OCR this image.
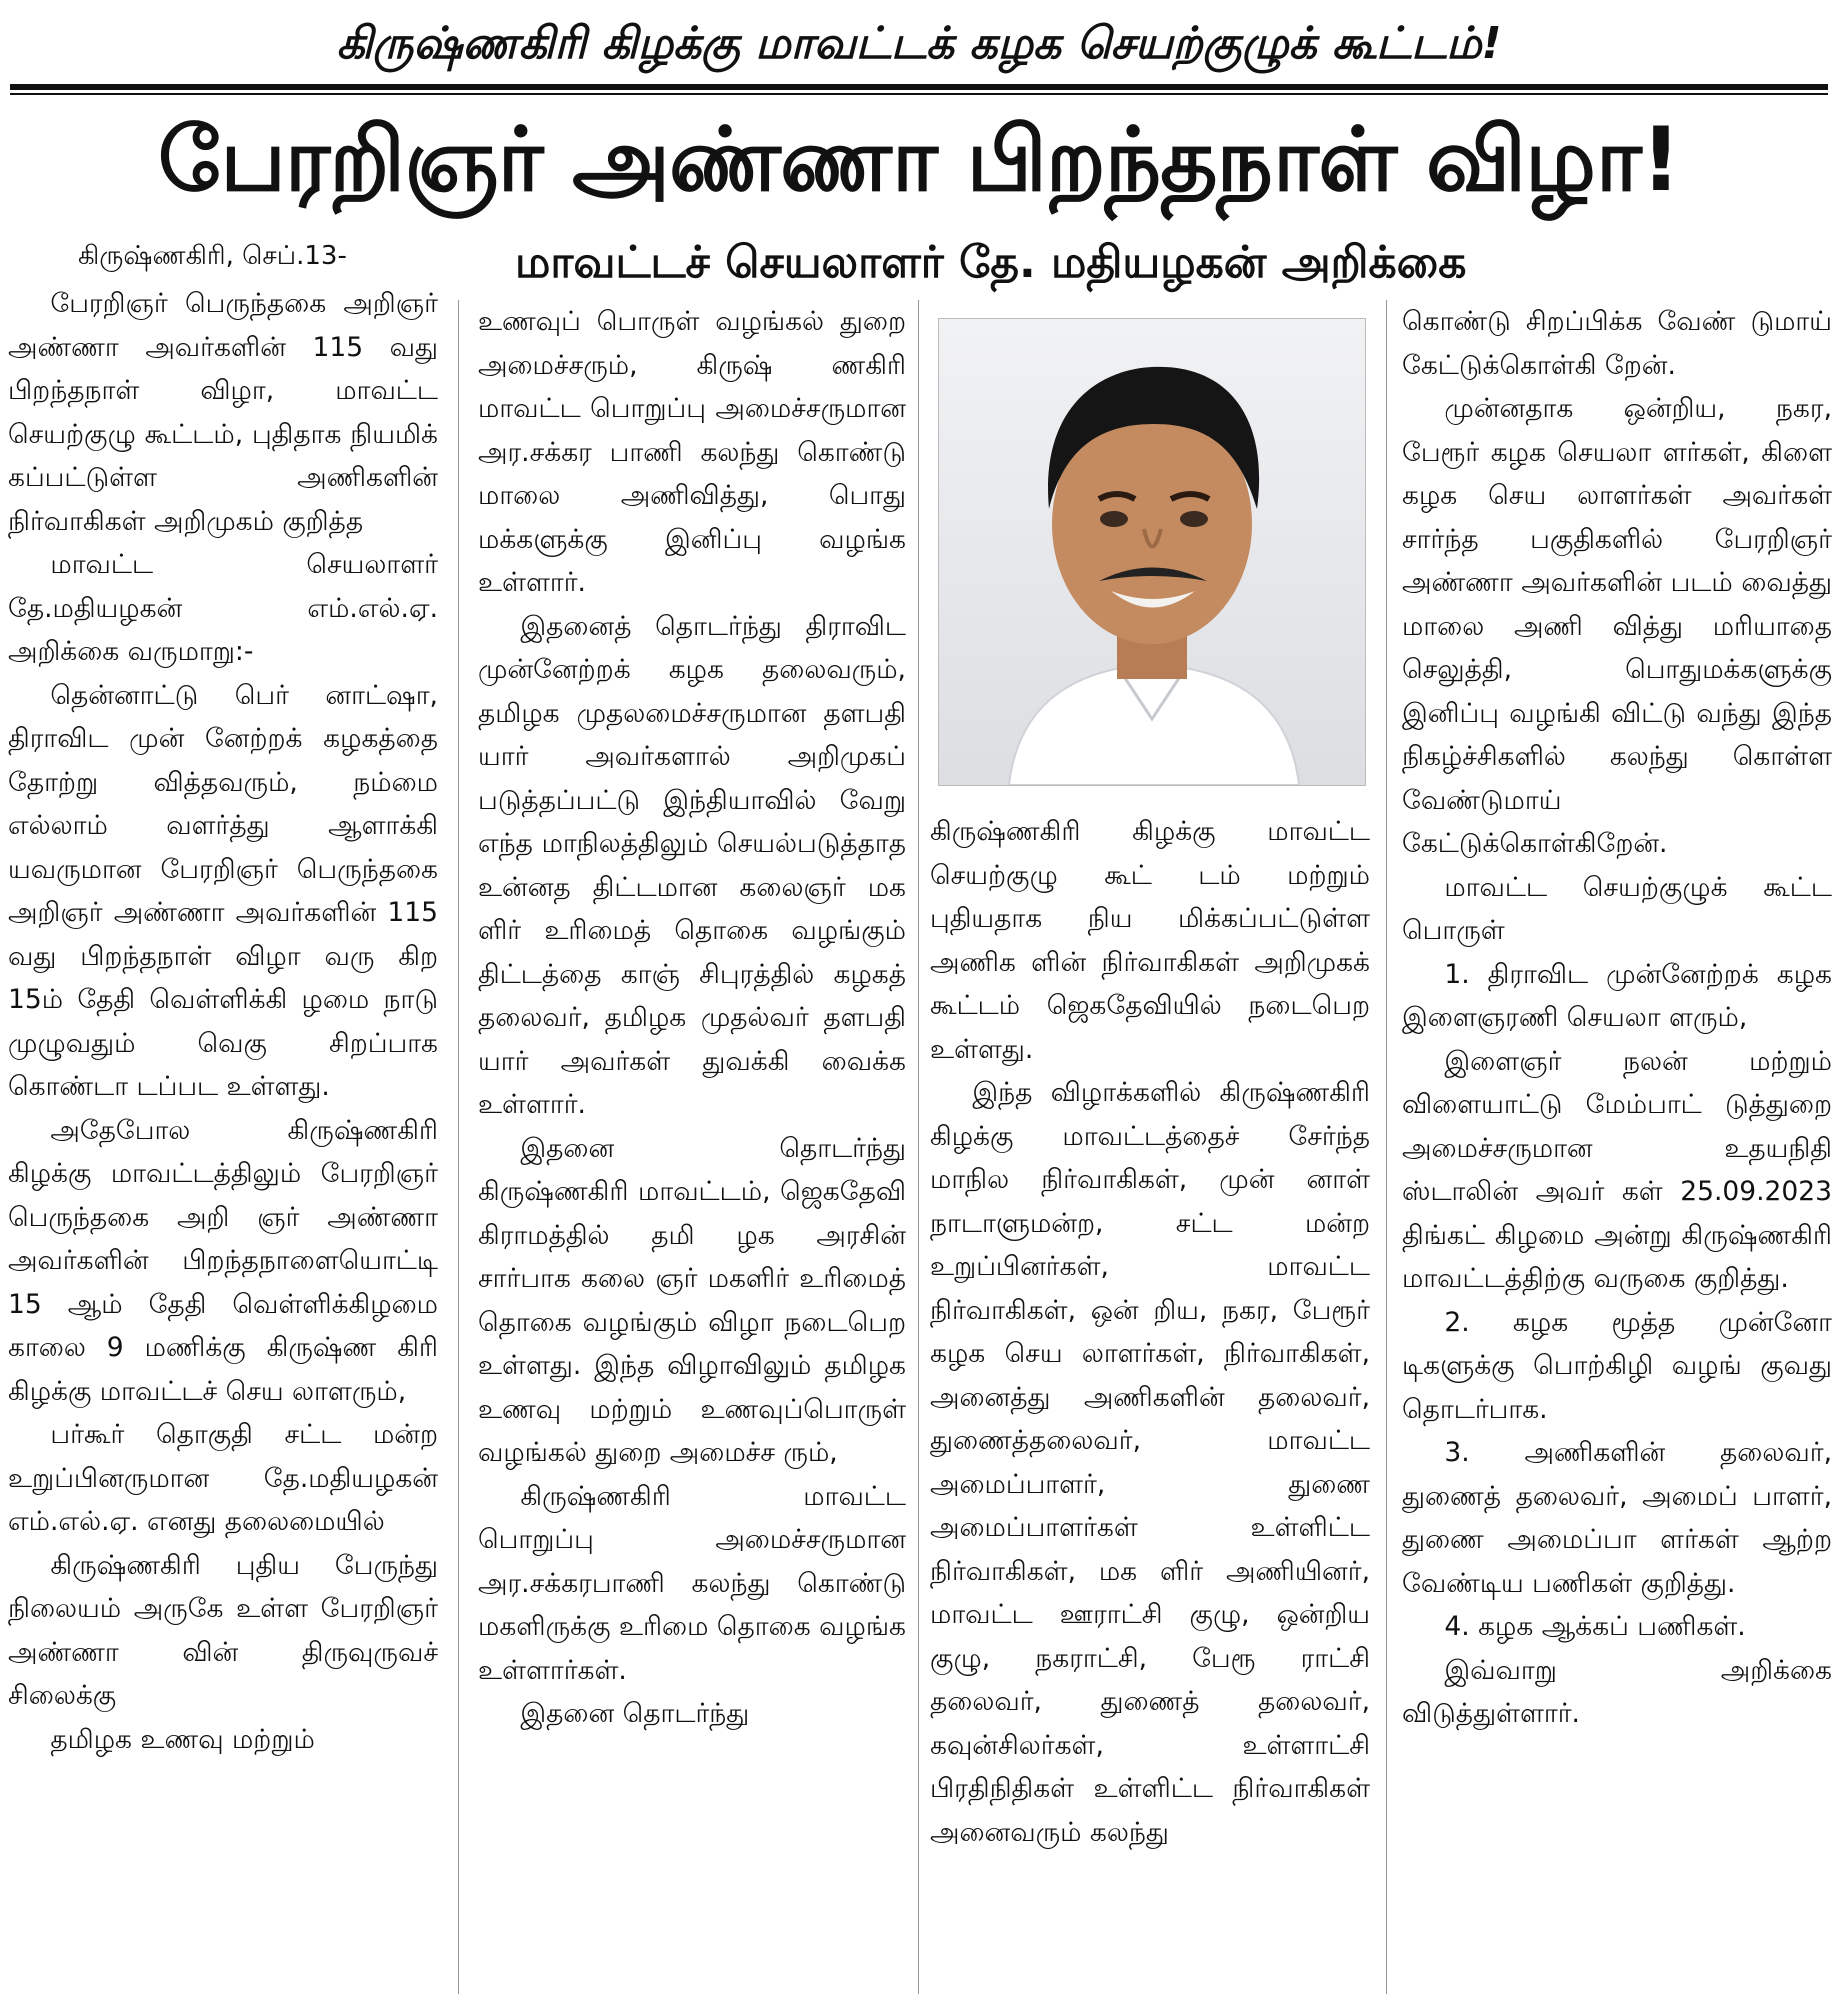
கிருஷ்ணகிரி கிழக்கு மாவட்டக் கழக செயற்குழுக் கூட்டம்!
பேரறிஞர் அண்ணா பிறந்தநாள் விழா!
கிருஷ்ணகிரி, செப்.13-	மாவட்டச் செயலாளர் தே. மதியழகன் அறிக்கை

பேரறிஞர் பெருந்தகை அறிஞர் அண்ணா அவர்களின் 115 வது பிறந்தநாள் விழா, மாவட்ட செயற்குழு கூட்டம், புதிதாக நியமிக் கப்பட்டுள்ள அணிகளின் நிர்வாகிகள் அறிமுகம் குறித்த

மாவட்ட செயலாளர் தே.மதியழகன் எம்.எல்.ஏ. அறிக்கை வருமாறு:-

தென்னாட்டு பெர் னாட்ஷா, திராவிட முன் னேற்றக் கழகத்தை தோற்று வித்தவரும், நம்மை எல்லாம் வளர்த்து ஆளாக்கி யவருமான பேரறிஞர் பெருந்தகை அறிஞர் அண்ணா அவர்களின் 115 வது பிறந்தநாள் விழா வரு கிற 15ம் தேதி வெள்ளிக்கி ழமை நாடு முழுவதும் வெகு சிறப்பாக கொண்டா டப்பட உள்ளது.

அதேபோல கிருஷ்ணகிரி கிழக்கு மாவட்டத்திலும் பேரறிஞர் பெருந்தகை அறி ஞர் அண்ணா அவர்களின் பிறந்தநாளையொட்டி 15 ஆம் தேதி வெள்ளிக்கிழமை காலை 9 மணிக்கு கிருஷ்ண கிரி கிழக்கு மாவட்டச் செய லாளரும்,

பர்கூர் தொகுதி சட்ட மன்ற உறுப்பினருமான தே.மதியழகன் எம்.எல்.ஏ. எனது தலைமையில்

கிருஷ்ணகிரி புதிய பேருந்து நிலையம் அருகே உள்ள பேரறிஞர் அண்ணா வின் திருவுருவச் சிலைக்கு

தமிழக உணவு மற்றும்

உணவுப் பொருள் வழங்கல் துறை அமைச்சரும், கிருஷ் ணகிரி மாவட்ட பொறுப்பு அமைச்சருமான அர.சக்கர பாணி கலந்து கொண்டு மாலை அணிவித்து, பொது மக்களுக்கு இனிப்பு வழங்க உள்ளார்.

இதனைத் தொடர்ந்து திராவிட முன்னேற்றக் கழக தலைவரும், தமிழக முதலமைச்சருமான தளபதி யார் அவர்களால் அறிமுகப் படுத்தப்பட்டு இந்தியாவில் வேறு எந்த மாநிலத்திலும் செயல்படுத்தாத உன்னத திட்டமான கலைஞர் மக ளிர் உரிமைத் தொகை வழங்கும் திட்டத்தை காஞ் சிபுரத்தில் கழகத் தலைவர், தமிழக முதல்வர் தளபதி யார் அவர்கள் துவக்கி வைக்க உள்ளார்.

இதனை தொடர்ந்து கிருஷ்ணகிரி மாவட்டம், ஜெகதேவி கிராமத்தில் தமி ழக அரசின் சார்பாக கலை ஞர் மகளிர் உரிமைத் தொகை வழங்கும் விழா நடைபெற உள்ளது. இந்த விழாவிலும் தமிழக உணவு மற்றும் உணவுப்பொருள் வழங்கல் துறை அமைச்ச ரும்,

கிருஷ்ணகிரி மாவட்ட பொறுப்பு அமைச்சருமான அர.சக்கரபாணி கலந்து கொண்டு மகளிருக்கு உரிமை தொகை வழங்க உள்ளார்கள்.

இதனை தொடர்ந்து

கிருஷ்ணகிரி கிழக்கு மாவட்ட செயற்குழு கூட் டம் மற்றும் புதியதாக நிய மிக்கப்பட்டுள்ள அணிக ளின் நிர்வாகிகள் அறிமுகக் கூட்டம் ஜெகதேவியில் நடைபெற உள்ளது.

இந்த விழாக்களில் கிருஷ்ணகிரி கிழக்கு மாவட்டத்தைச் சேர்ந்த மாநில நிர்வாகிகள், முன் னாள் நாடாளுமன்ற, சட்ட மன்ற உறுப்பினர்கள், மாவட்ட நிர்வாகிகள், ஒன் றிய, நகர, பேரூர் கழக செய லாளர்கள், நிர்வாகிகள், அனைத்து அணிகளின் தலைவர், துணைத்தலைவர், மாவட்ட அமைப்பாளர், துணை அமைப்பாளர்கள் உள்ளிட்ட நிர்வாகிகள், மக ளிர் அணியினர், மாவட்ட ஊராட்சி குழு, ஒன்றிய குழு, நகராட்சி, பேரூ ராட்சி தலைவர், துணைத் தலைவர், கவுன்சிலர்கள், உள்ளாட்சி பிரதிநிதிகள் உள்ளிட்ட நிர்வாகிகள் அனைவரும் கலந்து

கொண்டு சிறப்பிக்க வேண் டுமாய் கேட்டுக்கொள்கி றேன்.

முன்னதாக ஒன்றிய, நகர, பேரூர் கழக செயலா ளர்கள், கிளை கழக செய லாளர்கள் அவர்கள் சார்ந்த பகுதிகளில் பேரறிஞர் அண்ணா அவர்களின் படம் வைத்து மாலை அணி வித்து மரியாதை செலுத்தி, பொதுமக்களுக்கு இனிப்பு வழங்கி விட்டு வந்து இந்த நிகழ்ச்சிகளில் கலந்து கொள்ள வேண்டுமாய் கேட்டுக்கொள்கிறேன்.

மாவட்ட செயற்குழுக் கூட்ட பொருள்

1. திராவிட முன்னேற்றக் கழக இளைஞரணி செயலா ளரும்,

இளைஞர் நலன் மற்றும் விளையாட்டு மேம்பாட் டுத்துறை அமைச்சருமான உதயநிதி ஸ்டாலின் அவர் கள் 25.09.2023 திங்கட் கிழமை அன்று கிருஷ்ணகிரி மாவட்டத்திற்கு வருகை குறித்து.

2. கழக மூத்த முன்னோ டிகளுக்கு பொற்கிழி வழங் குவது தொடர்பாக.

3. அணிகளின் தலைவர், துணைத் தலைவர், அமைப் பாளர், துணை அமைப்பா ளர்கள் ஆற்ற வேண்டிய பணிகள் குறித்து.

4. கழக ஆக்கப் பணிகள்.

இவ்வாறு அறிக்கை விடுத்துள்ளார்.
